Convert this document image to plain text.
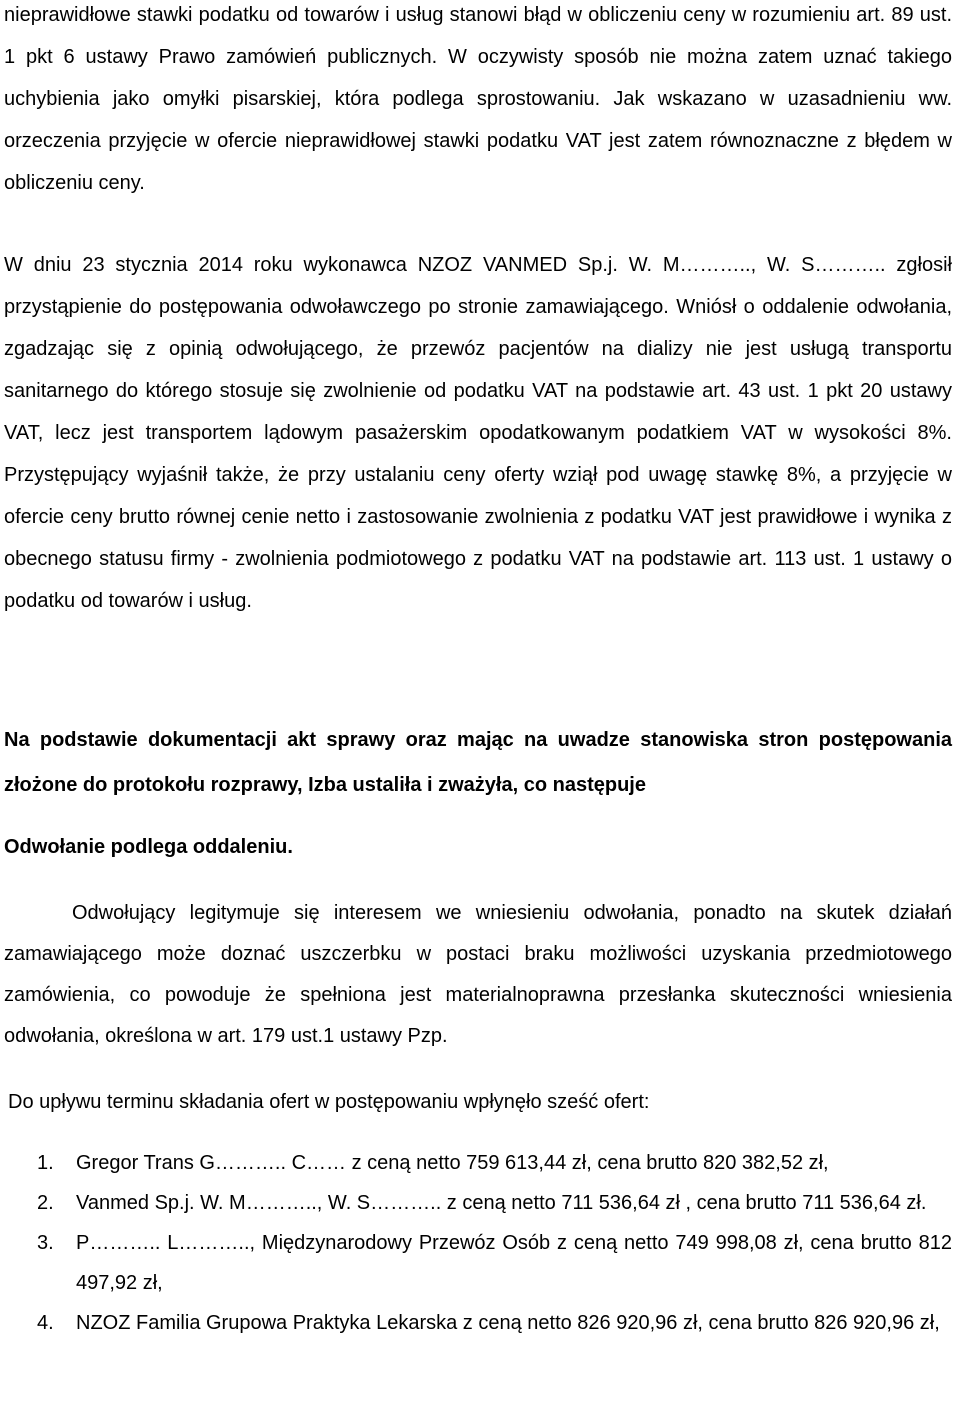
nieprawidłowe stawki podatku od towarów i usług stanowi błąd w obliczeniu ceny w rozumieniu art. 89 ust. 1 pkt 6 ustawy Prawo zamówień publicznych. W oczywisty sposób nie można zatem uznać takiego uchybienia jako omyłki pisarskiej, która podlega sprostowaniu. Jak wskazano w uzasadnieniu ww. orzeczenia przyjęcie w ofercie nieprawidłowej stawki podatku VAT jest zatem równoznaczne z błędem w obliczeniu ceny.

W dniu 23 stycznia 2014 roku wykonawca NZOZ VANMED Sp.j. W. M……….., W. S……….. zgłosił przystąpienie do postępowania odwoławczego po stronie zamawiającego. Wniósł o oddalenie odwołania, zgadzając się z opinią odwołującego, że przewóz pacjentów na dializy nie jest usługą transportu sanitarnego do którego stosuje się zwolnienie od podatku VAT na podstawie art. 43 ust. 1 pkt 20 ustawy VAT, lecz jest transportem lądowym pasażerskim opodatkowanym podatkiem VAT w wysokości 8%. Przystępujący wyjaśnił także, że przy ustalaniu ceny oferty wziął pod uwagę stawkę 8%, a przyjęcie w ofercie ceny brutto równej cenie netto i zastosowanie zwolnienia z podatku VAT jest prawidłowe i wynika z obecnego statusu firmy - zwolnienia podmiotowego z podatku VAT na podstawie art. 113 ust. 1 ustawy o podatku od towarów i usług.

Na podstawie dokumentacji akt sprawy oraz mając na uwadze stanowiska stron postępowania złożone do protokołu rozprawy, Izba ustaliła i zważyła, co następuje

Odwołanie podlega oddaleniu.

Odwołujący legitymuje się interesem we wniesieniu odwołania, ponadto na skutek działań zamawiającego może doznać uszczerbku w postaci braku możliwości uzyskania przedmiotowego zamówienia, co powoduje że spełniona jest materialnoprawna przesłanka skuteczności wniesienia odwołania, określona w art. 179 ust.1 ustawy Pzp.

Do upływu terminu składania ofert w postępowaniu wpłynęło sześć ofert:

1. Gregor Trans G……….. C…… z ceną netto 759 613,44 zł, cena brutto 820 382,52 zł,
2. Vanmed Sp.j. W. M……….., W. S……….. z ceną netto 711 536,64 zł , cena brutto 711 536,64 zł.
3. P……….. L……….., Międzynarodowy Przewóz Osób z ceną netto 749 998,08 zł, cena brutto 812 497,92 zł,
4. NZOZ Familia Grupowa Praktyka Lekarska z ceną netto 826 920,96 zł, cena brutto 826 920,96 zł,
